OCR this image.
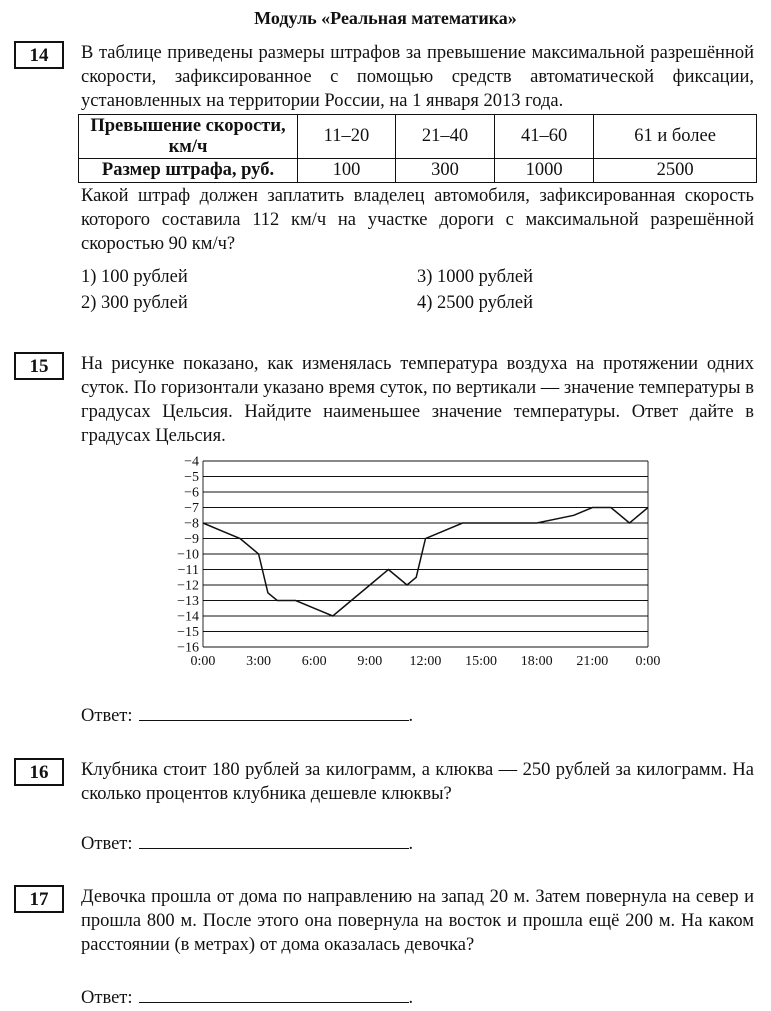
Модуль «Реальная математика»
14	В таблице приведены размеры штрафов за превышение максимальной разрешённой скорости, зафиксированное с помощью средств автоматической фиксации, установленных на территории России, на 1 января 2013 года.

Превышение скорости, км/ч	11–20	21–40	41–60	61 и более
Размер штрафа, руб.	100	300	1000	2500

Какой штраф должен заплатить владелец автомобиля, зафиксированная скорость которого составила 112 км/ч на участке дороги с максимальной разрешённой скоростью 90 км/ч?

1) 100 рублей
2) 300 рублей
3) 1000 рублей
4) 2500 рублей
15	На рисунке показано, как изменялась температура воздуха на протяжении одних суток. По горизонтали указано время суток, по вертикали — значение температуры в градусах Цельсия. Найдите наименьшее значение температуры. Ответ дайте в градусах Цельсия.

−4
−5
−6
−7
−8
−9
−10
−11
−12
−13
−14
−15
−16
0:00 3:00 6:00 9:00 12:00 15:00 18:00 21:00 0:00
Ответ:	.
16	Клубника стоит 180 рублей за килограмм, а клюква — 250 рублей за килограмм. На сколько процентов клубника дешевле клюквы?

Ответ:	.
17	Девочка прошла от дома по направлению на запад 20 м. Затем повернула на север и прошла 800 м. После этого она повернула на восток и прошла ещё 200 м. На каком расстоянии (в метрах) от дома оказалась девочка?

Ответ:	.
